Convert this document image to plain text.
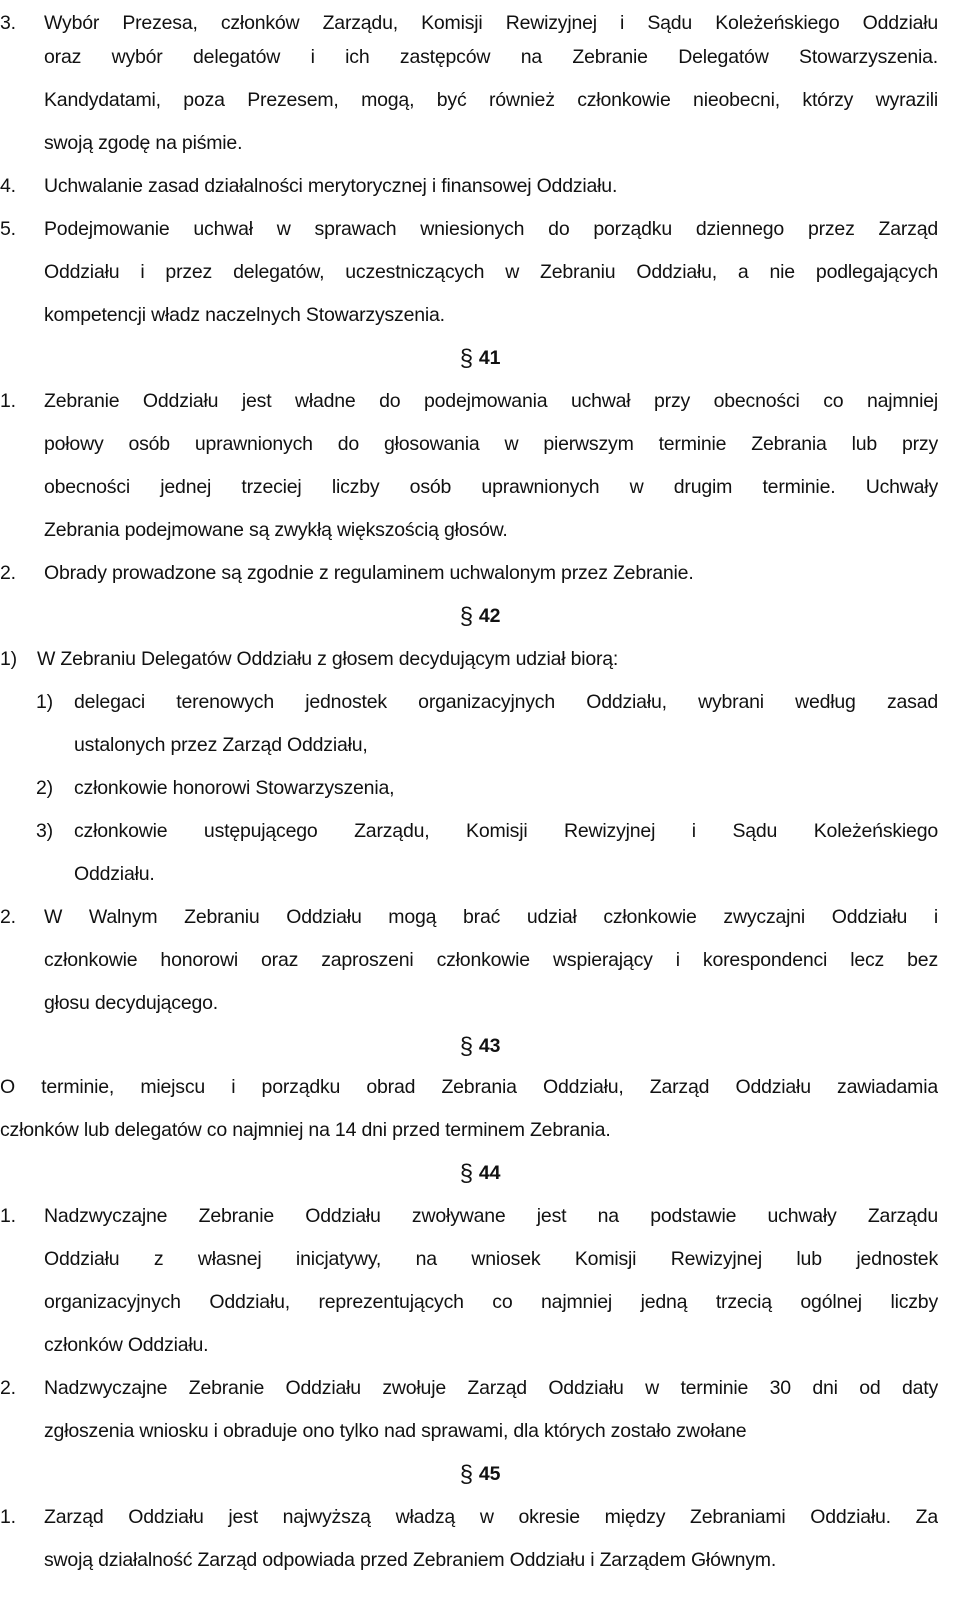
3. Wybór Prezesa, członków Zarządu, Komisji Rewizyjnej i Sądu Koleżeńskiego Oddziału
oraz wybór delegatów i ich zastępców na Zebranie Delegatów Stowarzyszenia.
Kandydatami, poza Prezesem, mogą, być również członkowie nieobecni, którzy wyrazili
swoją zgodę na piśmie.
4. Uchwalanie zasad działalności merytorycznej i finansowej Oddziału.
5. Podejmowanie uchwał w sprawach wniesionych do porządku dziennego przez Zarząd
Oddziału i przez delegatów, uczestniczących w Zebraniu Oddziału, a nie podlegających
kompetencji władz naczelnych Stowarzyszenia.
§ 41
1. Zebranie Oddziału jest władne do podejmowania uchwał przy obecności co najmniej
połowy osób uprawnionych do głosowania w pierwszym terminie Zebrania lub przy
obecności jednej trzeciej liczby osób uprawnionych w drugim terminie. Uchwały
Zebrania podejmowane są zwykłą większością głosów.
2. Obrady prowadzone są zgodnie z regulaminem uchwalonym przez Zebranie.
§ 42
1) W Zebraniu Delegatów Oddziału z głosem decydującym udział biorą:
1) delegaci terenowych jednostek organizacyjnych Oddziału, wybrani według zasad
ustalonych przez Zarząd Oddziału,
2) członkowie honorowi Stowarzyszenia,
3) członkowie ustępującego Zarządu, Komisji Rewizyjnej i Sądu Koleżeńskiego
Oddziału.
2. W Walnym Zebraniu Oddziału mogą brać udział członkowie zwyczajni Oddziału i
członkowie honorowi oraz zaproszeni członkowie wspierający i korespondenci lecz bez
głosu decydującego.
§ 43
O terminie, miejscu i porządku obrad Zebrania Oddziału, Zarząd Oddziału zawiadamia
członków lub delegatów co najmniej na 14 dni przed terminem Zebrania.
§ 44
1. Nadzwyczajne Zebranie Oddziału zwoływane jest na podstawie uchwały Zarządu
Oddziału z własnej inicjatywy, na wniosek Komisji Rewizyjnej lub jednostek
organizacyjnych Oddziału, reprezentujących co najmniej jedną trzecią ogólnej liczby
członków Oddziału.
2. Nadzwyczajne Zebranie Oddziału zwołuje Zarząd Oddziału w terminie 30 dni od daty
zgłoszenia wniosku i obraduje ono tylko nad sprawami, dla których zostało zwołane
§ 45
1. Zarząd Oddziału jest najwyższą władzą w okresie między Zebraniami Oddziału. Za
swoją działalność Zarząd odpowiada przed Zebraniem Oddziału i Zarządem Głównym.
